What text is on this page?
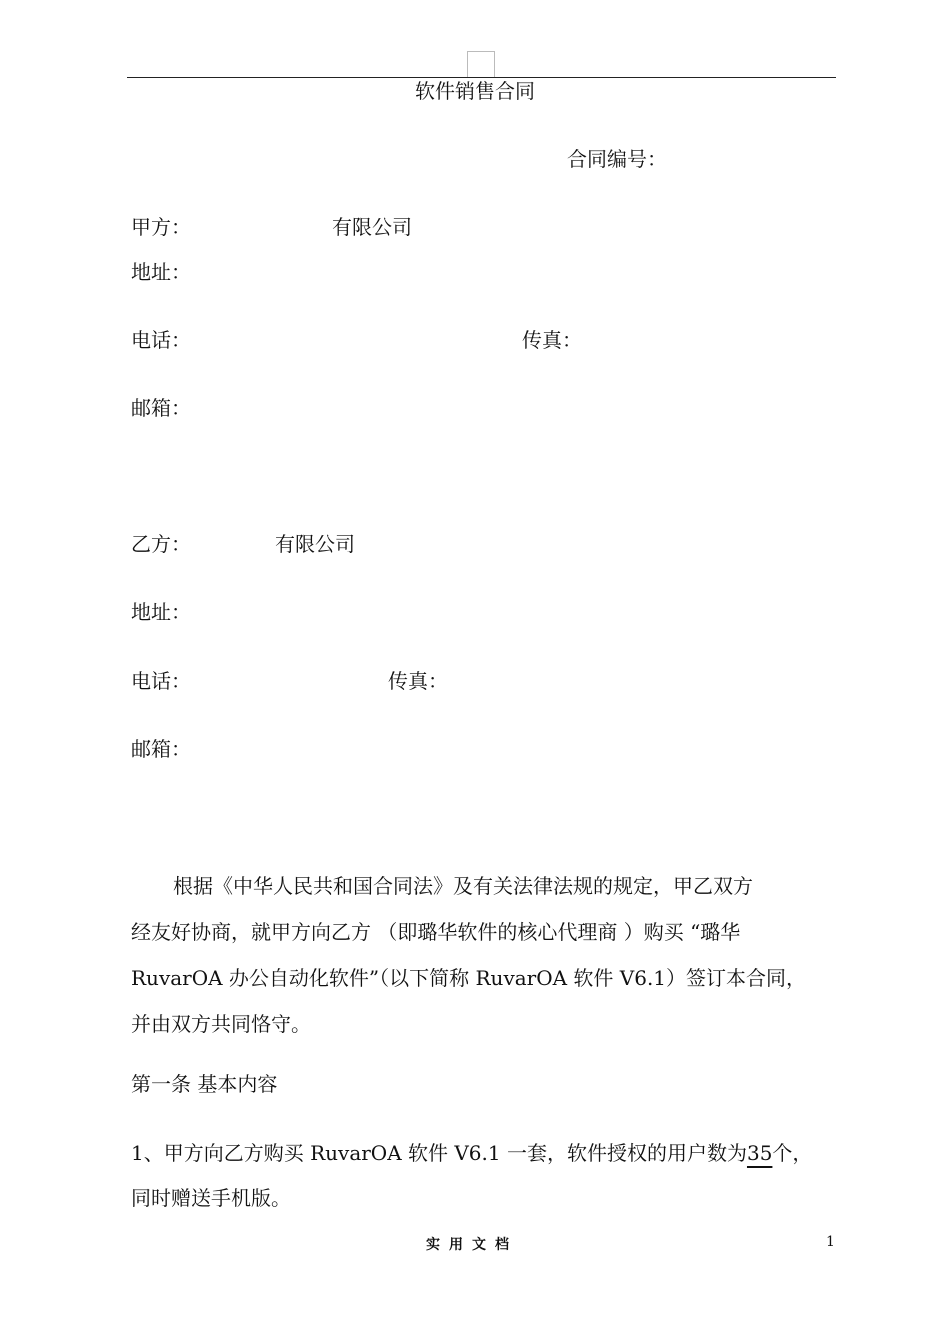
软件销售合同
合同编号：
甲方：	有限公司
地址：
电话：	传真：
邮箱：
乙方：	有限公司
地址：
电话：	传真：
邮箱：
根据《中华人民共和国合同法》及有关法律法规的规定，甲乙双方
经友好协商，就甲方向乙方 （即璐华软件的核心代理商 ）购买 “璐华
RuvarOA 办公自动化软件”（以下简称 RuvarOA 软件 V6.1）签订本合同，
并由双方共同恪守。
第一条 基本内容
1、甲方向乙方购买 RuvarOA 软件 V6.1 一套，软件授权的用户数为35个，
同时赠送手机版。
实用文档	1
